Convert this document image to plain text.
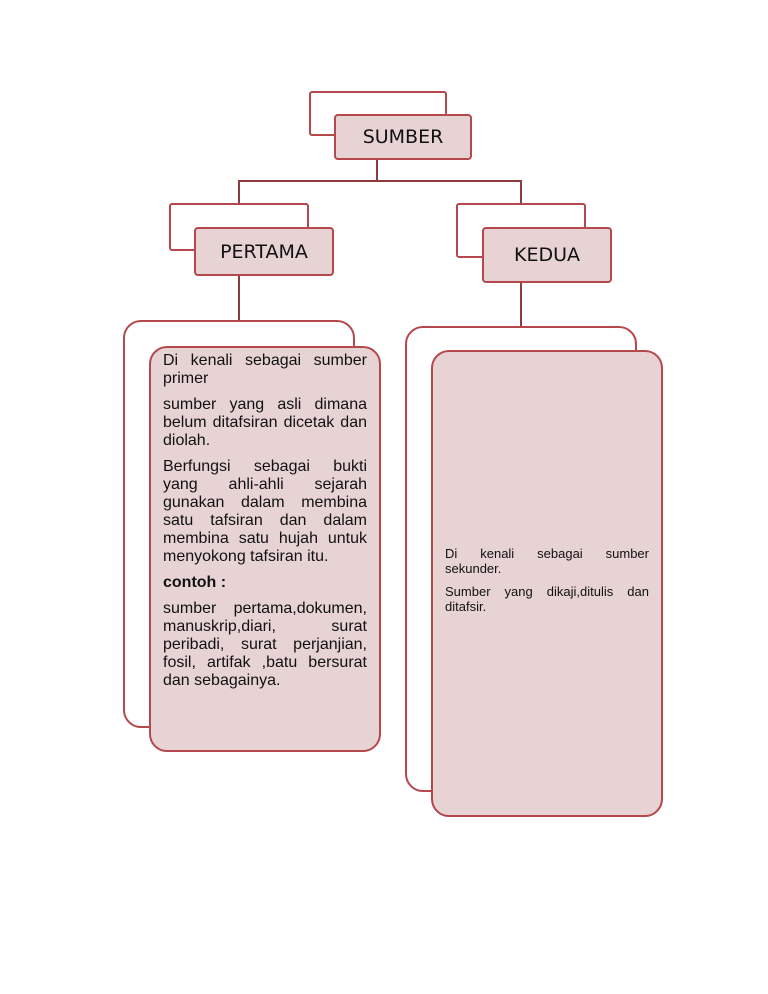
SUMBER
PERTAMA	KEDUA

Di kenali sebagai sumber primer

sumber yang asli dimana belum ditafsiran dicetak dan diolah.

Berfungsi sebagai bukti yang ahli-ahli sejarah gunakan dalam membina satu tafsiran dan dalam membina satu hujah untuk menyokong tafsiran itu.

contoh :

sumber pertama,dokumen, manuskrip,diari, surat peribadi, surat perjanjian, fosil, artifak ,batu bersurat dan sebagainya.

Di kenali sebagai sumber sekunder.

Sumber yang dikaji,ditulis dan ditafsir.
